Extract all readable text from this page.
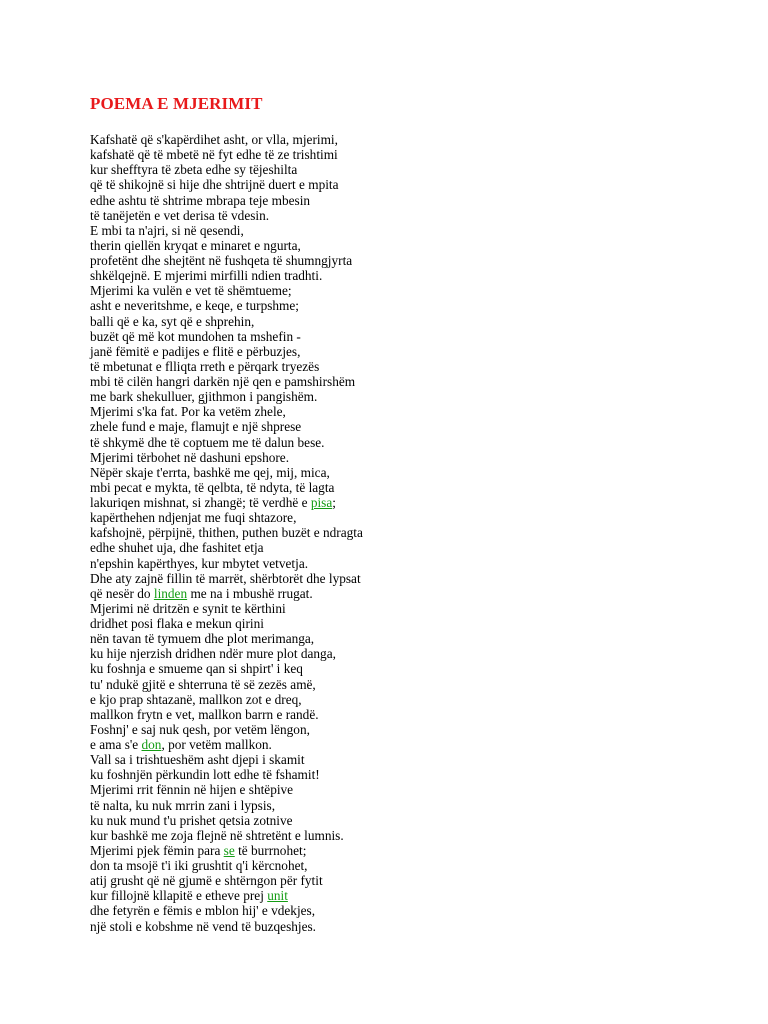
POEMA E MJERIMIT
Kafshatë që s'kapërdihet asht, or vlla, mjerimi,
kafshatë që të mbetë në fyt edhe të ze trishtimi
kur shefftyra të zbeta edhe sy tëjeshilta
që të shikojnë si hije dhe shtrijnë duert e mpita
edhe ashtu të shtrime mbrapa teje mbesin
të tanëjetën e vet derisa të vdesin.
E mbi ta n'ajri, si në qesendi,
therin qiellën kryqat e minaret e ngurta,
profetënt dhe shejtënt në fushqeta të shumngjyrta
shkëlqejnë. E mjerimi mirfilli ndien tradhti.
Mjerimi ka vulën e vet të shëmtueme;
asht e neveritshme, e keqe, e turpshme;
balli që e ka, syt që e shprehin,
buzët që më kot mundohen ta mshefin -
janë fëmitë e padijes e flitë e përbuzjes,
të mbetunat e flliqta rreth e përqark tryezës
mbi të cilën hangri darkën një qen e pamshirshëm
me bark shekulluer, gjithmon i pangishëm.
Mjerimi s'ka fat. Por ka vetëm zhele,
zhele fund e maje, flamujt e një shprese
të shkymë dhe të coptuem me të dalun bese.
Mjerimi tërbohet në dashuni epshore.
Nëpër skaje t'errta, bashkë me qej, mij, mica,
mbi pecat e mykta, të qelbta, të ndyta, të lagta
lakuriqen mishnat, si zhangë; të verdhë e pisa;
kapërthehen ndjenjat me fuqi shtazore,
kafshojnë, përpijnë, thithen, puthen buzët e ndragta
edhe shuhet uja, dhe fashitet etja
n'epshin kapërthyes, kur mbytet vetvetja.
Dhe aty zajnë fillin të marrët, shërbtorët dhe lypsat
që nesër do linden me na i mbushë rrugat.
Mjerimi në dritzën e synit te kërthini
dridhet posi flaka e mekun qirini
nën tavan të tymuem dhe plot merimanga,
ku hije njerzish dridhen ndër mure plot danga,
ku foshnja e smueme qan si shpirt' i keq
tu' ndukë gjitë e shterruna të së zezës amë,
e kjo prap shtazanë, mallkon zot e dreq,
mallkon frytn e vet, mallkon barrn e randë.
Foshnj' e saj nuk qesh, por vetëm lëngon,
e ama s'e don, por vetëm mallkon.
Vall sa i trishtueshëm asht djepi i skamit
ku foshnjën përkundin lott edhe të fshamit!
Mjerimi rrit fënnin në hijen e shtëpive
të nalta, ku nuk mrrin zani i lypsis,
ku nuk mund t'u prishet qetsia zotnive
kur bashkë me zoja flejnë në shtretënt e lumnis.
Mjerimi pjek fëmin para se të burrnohet;
don ta msojë t'i iki grushtit q'i kërcnohet,
atij grusht që në gjumë e shtërngon për fytit
kur fillojnë kllapitë e etheve prej unit
dhe fetyrën e fëmis e mblon hij' e vdekjes,
një stoli e kobshme në vend të buzqeshjes.
